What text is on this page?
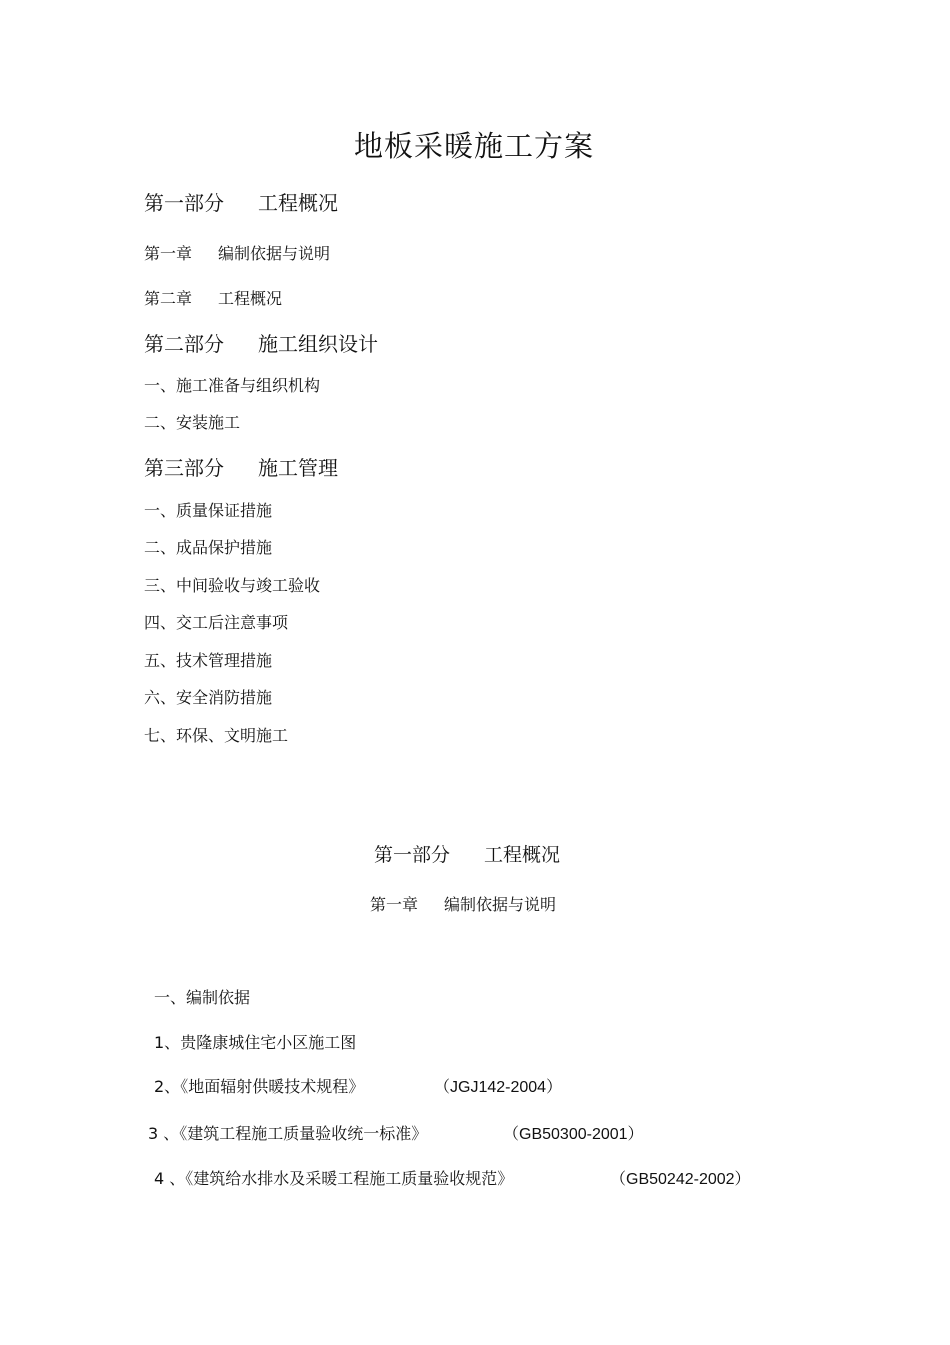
地板采暖施工方案
第一部分 工程概况
第一章 编制依据与说明
第二章 工程概况
第二部分 施工组织设计
一、施工准备与组织机构
二、安装施工
第三部分 施工管理
一、质量保证措施
二、成品保护措施
三、中间验收与竣工验收
四、交工后注意事项
五、技术管理措施
六、安全消防措施
七、环保、文明施工
第一部分 工程概况
第一章 编制依据与说明
一、编制依据
1、贵隆康城住宅小区施工图
2、《地面辐射供暖技术规程》	（JGJ142-2004）
3 、《建筑工程施工质量验收统一标准》	（GB50300-2001）
4 、《建筑给水排水及采暖工程施工质量验收规范》	（GB50242-2002）
